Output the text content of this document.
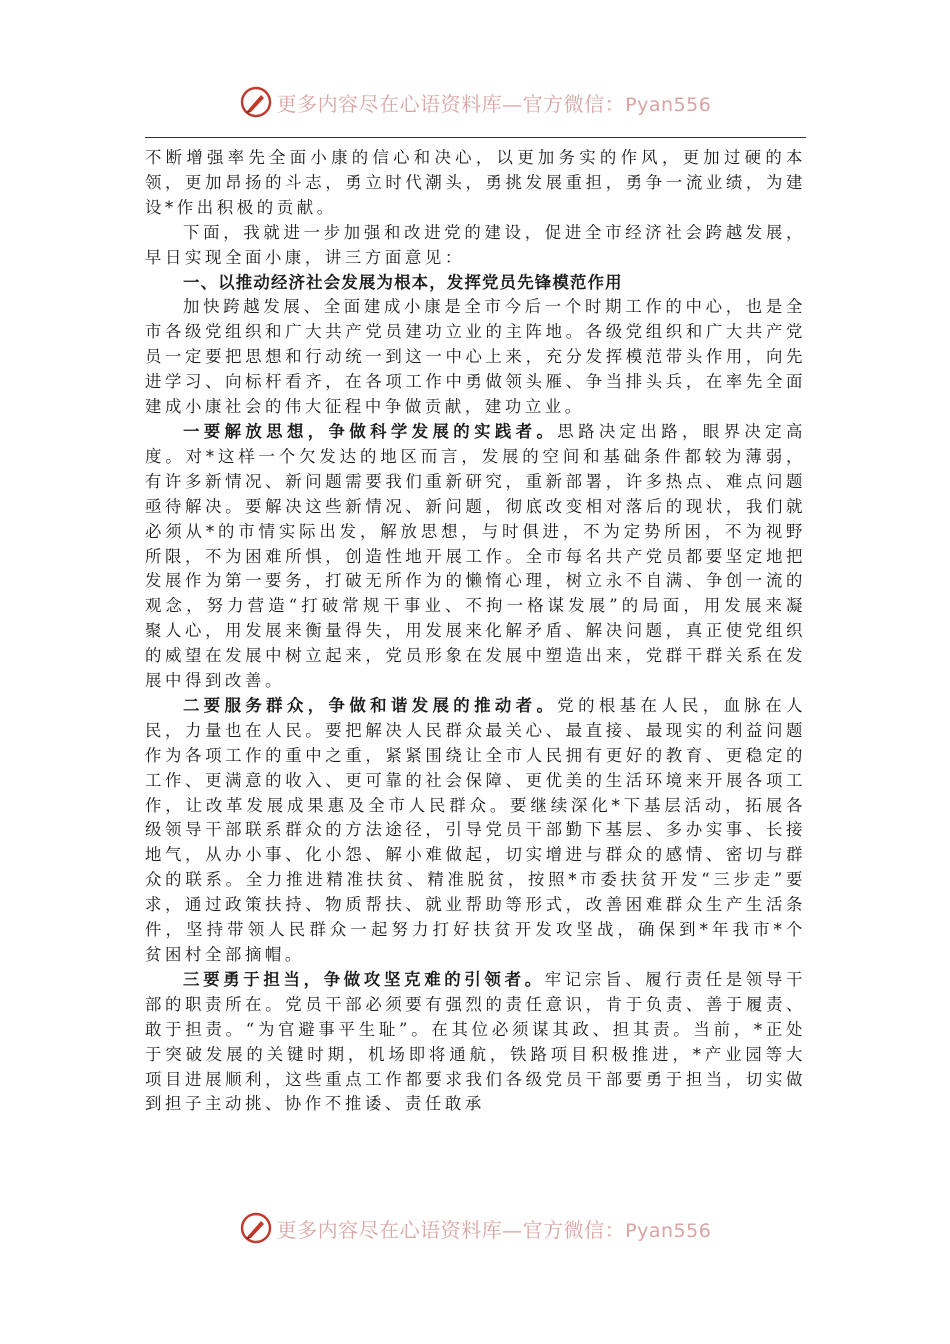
更多内容尽在心语资料库—官方微信：Pyan556

不断增强率先全面小康的信心和决心，以更加务实的作风，更加过硬的本领，更加昂扬的斗志，勇立时代潮头，勇挑发展重担，勇争一流业绩，为建设*作出积极的贡献。

下面，我就进一步加强和改进党的建设，促进全市经济社会跨越发展，早日实现全面小康，讲三方面意见：

一、以推动经济社会发展为根本，发挥党员先锋模范作用

加快跨越发展、全面建成小康是全市今后一个时期工作的中心，也是全市各级党组织和广大共产党员建功立业的主阵地。各级党组织和广大共产党员一定要把思想和行动统一到这一中心上来，充分发挥模范带头作用，向先进学习、向标杆看齐，在各项工作中勇做领头雁、争当排头兵，在率先全面建成小康社会的伟大征程中争做贡献，建功立业。

一要解放思想，争做科学发展的实践者。思路决定出路，眼界决定高度。对*这样一个欠发达的地区而言，发展的空间和基础条件都较为薄弱，有许多新情况、新问题需要我们重新研究，重新部署，许多热点、难点问题亟待解决。要解决这些新情况、新问题，彻底改变相对落后的现状，我们就必须从*的市情实际出发，解放思想，与时俱进，不为定势所困，不为视野所限，不为困难所惧，创造性地开展工作。全市每名共产党员都要坚定地把发展作为第一要务，打破无所作为的懒惰心理，树立永不自满、争创一流的观念，努力营造“打破常规干事业、不拘一格谋发展”的局面，用发展来凝聚人心，用发展来衡量得失，用发展来化解矛盾、解决问题，真正使党组织的威望在发展中树立起来，党员形象在发展中塑造出来，党群干群关系在发展中得到改善。

二要服务群众，争做和谐发展的推动者。党的根基在人民，血脉在人民，力量也在人民。要把解决人民群众最关心、最直接、最现实的利益问题作为各项工作的重中之重，紧紧围绕让全市人民拥有更好的教育、更稳定的工作、更满意的收入、更可靠的社会保障、更优美的生活环境来开展各项工作，让改革发展成果惠及全市人民群众。要继续深化*下基层活动，拓展各级领导干部联系群众的方法途径，引导党员干部勤下基层、多办实事、长接地气，从办小事、化小怨、解小难做起，切实增进与群众的感情、密切与群众的联系。全力推进精准扶贫、精准脱贫，按照*市委扶贫开发“三步走”要求，通过政策扶持、物质帮扶、就业帮助等形式，改善困难群众生产生活条件，坚持带领人民群众一起努力打好扶贫开发攻坚战，确保到*年我市*个贫困村全部摘帽。

三要勇于担当，争做攻坚克难的引领者。牢记宗旨、履行责任是领导干部的职责所在。党员干部必须要有强烈的责任意识，肯于负责、善于履责、敢于担责。“为官避事平生耻”。在其位必须谋其政、担其责。当前，*正处于突破发展的关键时期，机场即将通航，铁路项目积极推进，*产业园等大项目进展顺利，这些重点工作都要求我们各级党员干部要勇于担当，切实做到担子主动挑、协作不推诿、责任敢承

更多内容尽在心语资料库—官方微信：Pyan556
